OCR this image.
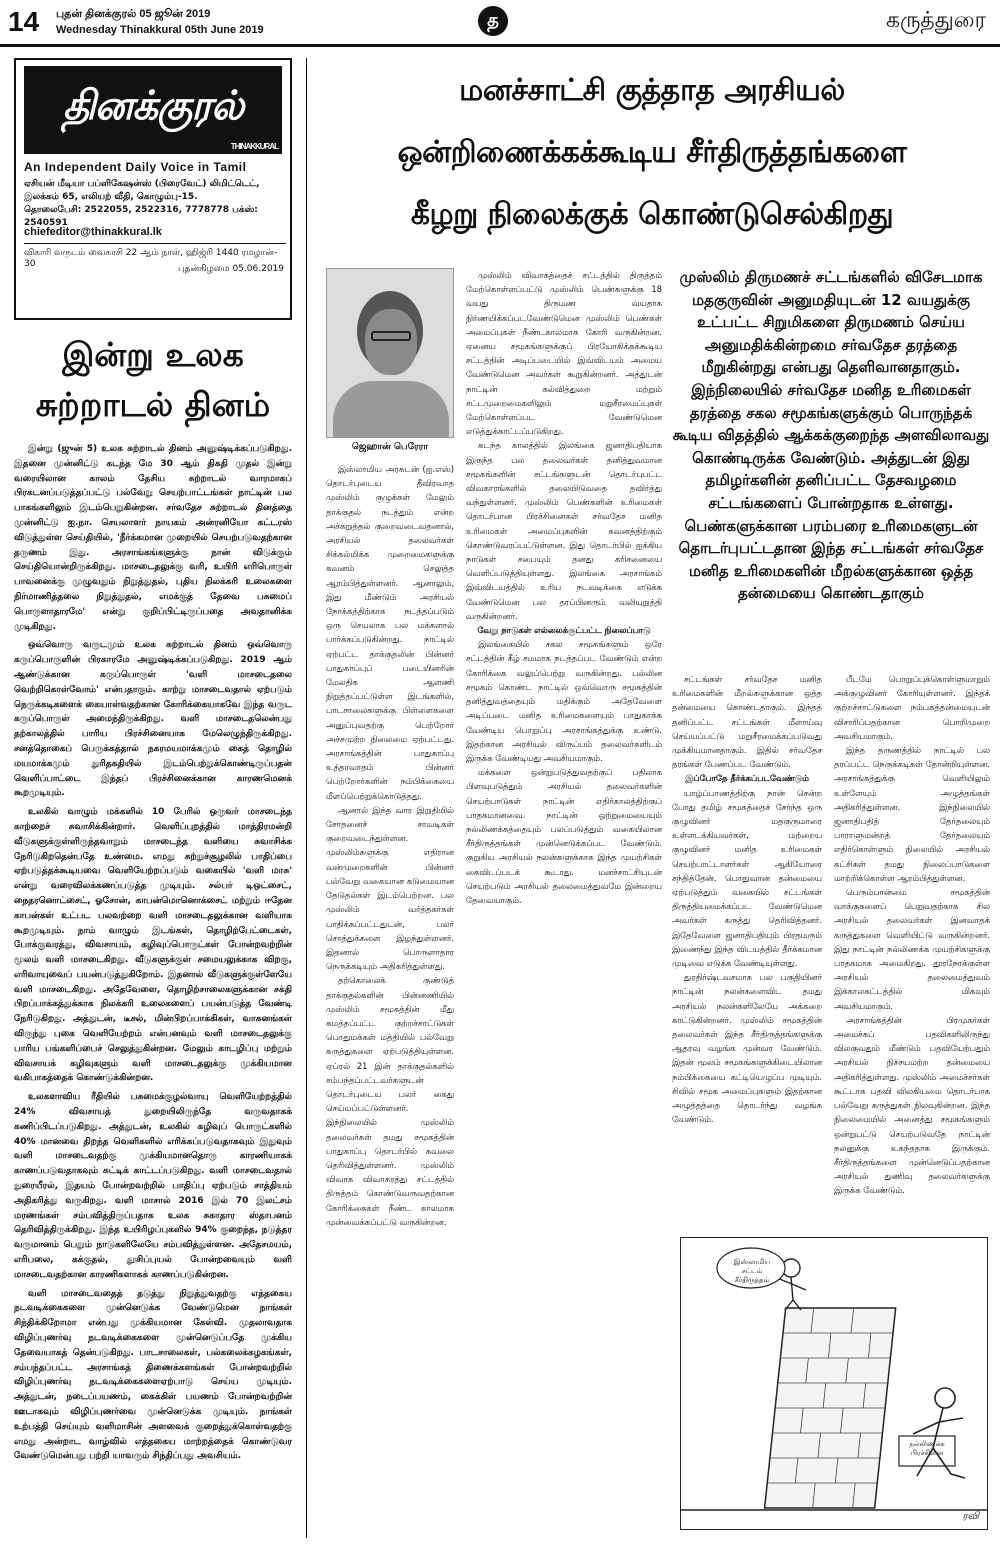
14 புதன் தினக்குரல் 05 ஜூன் 2019
Wednesday Thinakkural 05th June 2019	த	கருத்துரை
தினக்குரல்
THINAKKURAL
An Independent Daily Voice in Tamil
ஏசியன் மீடியா பப்ளிகேஷன்ஸ் (பிரைவேட்) லிமிட்டெட்,
இலக்கம் 65, எலியற் வீதி, கொழும்பு-15.
தொலைபேசி: 2522055, 2522316, 7778778 பக்ஸ்: 2540591
chiefeditor@thinakkural.lk
விகாரி வருடம் வைகாசி 22 ஆம் நாள், ஹிஜ்ரி 1440 ரமழான்- 30	புதன்கிழமை 05.06.2019
இன்று உலக சுற்றாடல் தினம்

இன்று (ஜுன் 5) உலக சுற்றாடல் தினம் அனுஷ்டிக்கப்படுகிறது. இதனை முன்னிட்டு கடந்த மே 30 ஆம் திகதி முதல் இன்று வரையிலான காலம் தேசிய சுற்றாடல் வாரமாகப் பிரகடனப்படுத்தப்பட்டு பல்வேறு செயற்பாட்டங்கள் நாட்டின் பல பாகங்களிலும் இடம்பெறுகின்றன. சர்வதேச சுற்றாடல் தினத்தை முன்னிட்டு ஐ.நா. செயலாளர் நாயகம் அன்ரனியோ கட்டரஸ் விடுத்துள்ள செய்தியில், 'நீர்க்கமான முறையில் செயற்படுவதற்கான தருணம் இது. அரசாங்கங்களுக்கு நான் விடுக்கும் செய்தியொன்றிருக்கிறது. மாசடைதலுக்கு வரி, உயிரி எரிபொருள் பாவனைக்கு முழுவதும் நிறுத்துதல், புதிய நிலக்கரி உலைகளை நிர்மாணித்தலை நிறுத்துதல், எமக்குத் தேவை பசுமைப் பொருளாதாரமே' என்று குறிப்பிட்டிருப்பதை அவதானிக்க முடிகிறது.

ஒவ்வொரு வருடமும் உலக சுற்றாடல் தினம் ஒவ்வொரு கருப்பொருளின் பிரகாரமே அனுஷ்டிக்கப்படுகிறது. 2019 ஆம் ஆண்டுக்கான கருப்பொருள் 'வளி மாசடைதலை வெற்றிகொள்வோம்' என்பதாகும். காற்று மாசடைவதால் ஏற்படும் நெருக்கடிகளைக் கையாள்வதற்கான கோரிக்கையாகவே இந்த வருட கருப்பொருள் அமைந்திருக்கிறது. வளி மாசடைதலென்பது தற்காலத்தில் பாரிய பிரச்சினையாக மேலெழுந்திருக்கிறது. சனத்தொகைப் பெருக்கத்தால் நகரமயமாக்கமும் கைத் தொழில் மயமாக்கமும் துரிதகதியில் இடம்பெற்றுக்கொண்டிருப்பதன் வெளிப்பாட்டை இந்தப் பிரச்சினைக்கான காரணமெனக் கூறமுடியும்.

உலகில் வாழும் மக்களில் 10 பேரில் ஒருவர் மாசடைந்த காற்றைச் சுவாசிக்கின்றார். வெளிப்புறத்தில் மாத்திரமன்றி வீடுகளுக்குள்ளிருந்தவாறும் மாசடைந்த வளியை சுவாசிக்க நேரிடுகிறதென்பதே உண்மை. எமது சுற்றுச்சூழலில் பாதிப்பை ஏற்படுத்தக்கூடியவை வெளியேற்றப்படும் வகையில் 'வளி மாசு' என்று வரைவிலக்கணப்படுத்த முடியும். சல்பர் டிஒட்சைட், நைதரனொட்சைட், ஓசோன், காபன்மொனொக்சைட் மற்றும் ஈதேன காபன்கள் உட்பட பலவற்றை வளி மாசடைதலுக்கான வளியாக கூறமுடியும். நாம் வாழும் இடங்கள், தொழிற்பேட்டைகள், போக்குவரத்து, விவசாயம், கழிவுப்பொருட்கள் போன்றவற்றின் மூலம் வளி மாசடைகிறது. வீடுகளுக்குள் சமையலுக்காக விறகு, எரிவாயுவைப் பயன்படுத்துகிறோம். இதனால் வீடுகளுக்குள்ளேயே வளி மாசடைகிறது. அதேவேளை, தொழிற்சாலைகளுக்கான சக்தி பிறப்பாக்கத்துக்காக நிலக்கரி உலைகளைப் பயன்படுத்த வேண்டி நேரிடுகிறது. அத்துடன், டீசல், மின்பிறப்பாக்கிகள், வாகனங்கள் விருந்து புகை வெளியேற்றம் என்பனவும் வளி மாசடைதலுக்கு பாரிய பங்களிப்பைச் செலுத்துகின்றன. மேலும் காடழிப்பு மற்றும் விவசாயக் கழிவுகளும் வளி மாசடைதலுக்கு முக்கியமான வகிபாகத்தைக் கொண்டுக்கின்றன.

உலகளாவிய ரீதியில் பசுமைக்குழல்வாயு வெளியேற்றத்தில் 24% விவசாயத் துறையிலிருந்தே வருவதாகக் கணிப்பிடப்படுகிறது. அத்துடன், உலகில் கழிவுப் பொருட்களில் 40% மானவை திறந்த வெளிகளில் எரிக்கப்படுவதாகவும் இதுவும் வளி மாசடைவதற்கு முக்கியமானதொரு காரணியாகக் காணப்படுவதாகவும் சுட்டிக் காட்டப்படுகிறது. வளி மாசடைவதால் நுரையீரல், இதயம் போன்றவற்றில் பாதிப்பு ஏற்படும் சாத்தியம் அதிகரித்து வருகிறது. வளி மாசால் 2016 இல் 70 இலட்சம் மரணங்கள் சம்பவித்திருப்பதாக உலக சுகாதார ஸ்தாபனம் தெரிவித்திருக்கிறது. இந்த உயிரிழப்புகளில் 94% குறைந்த, நடுத்தர வருமானம் பெறும் நாடுகளிலேயே சம்பவித்துள்ளன. அதேசமயம், எரிபலை, கக்குதல், தூசிப்புயல் போன்றவையும் வளி மாசடைவதற்கான காரணிகளாகக் காணப்படுகின்றன.

வளி மாசடைவதைத் தடுத்து நிறுத்துவதற்கு எத்தகைய நடவடிக்கைகளை முன்னெடுக்க வேண்டுமென நாங்கள் சிந்திக்கிறோமா என்பது முக்கியமான கேள்வி. முதலாவதாக விழிப்புணர்வு நடவடிக்கைகளை முன்னெடுப்பதே முக்கிய தேவையாகத் தென்படுகிறது. பாடசாலைகள், பல்கலைக்கழகங்கள், சம்பந்தப்பட்ட அரசாங்கத் திணைக்களங்கள் போன்றவற்றில் விழிப்புணர்வு நடவடிக்கைகளைஏற்பாடு செய்ய முடியும். அத்துடன், நடைப்பயணம், கைக்கிள் பயணம் போன்றவற்றின் ஊடாகவும் விழிப்புணர்வை முன்னெடுக்க முடியும். நாங்கள் உற்பத்தி செய்யும் வளிமாசின் அளவைக் குறைத்துக்கொள்வதற்கு எமது அன்றாட வாழ்வில் எத்தகைய மாற்றத்தைக் கொண்டுவர வேண்டுமென்பது பற்றி யாவரும் சிந்திப்பது அவசியம்.

மனச்சாட்சி குத்தாத அரசியல்
ஒன்றிணைக்கக்கூடிய சீர்திருத்தங்களை
கீழறு நிலைக்குக் கொண்டுசெல்கிறது
ஜெஹான் பெரேரா

இஸ்லாமிய அரசுடன் (ஐ.எஸ்) தொடர்புடைய தீவிரவாத முஸ்லிம் குழுக்கள் மேலும் தாக்குதல் நடத்தும் என்ற அச்சுறுத்தல் குறைவடைவதனால், அரசியல் தலைவர்கள் சிக்கல்மிக்க முறைமைகளுக்கு கவனம் செலுத்த ஆரம்பித்துள்ளனர். ஆனாலும், இது மீண்டும் அரசியல் நோக்கத்திற்காக நடத்தப்படும் ஒரு செயலாக பல மக்களால் பார்க்கப்படுகின்றது. நாட்டில் ஏற்பட்ட தாக்குதலின் பின்னர் பாதுகாப்புப் படையினரின் மேலதிக ஆளணி நிறுத்தப்பட்டுள்ள இடங்களில், பாடசாலைகளுக்கு பிள்ளைகளை அனுப்புவதற்கு பெற்றோர் அச்சமுற்ற நிலைமை ஏற்பட்டது. அரசாங்கத்தின் பாதுகாப்பு உத்தரவாதம் பின்னர் பெற்றோர்களின் நம்பிக்கையை மீளப்பெற்றுக்கொடுத்தது.

ஆனால் இந்த வார இறுதியில் சோதனைச் சாவடிகள் குறைவடைந்துள்ளன. முஸ்லிம்களுக்கு எதிரான வன்முறைகளின் பின்னர் பல்வேறு வகையான கடுமையான தேடுதல்கள் இடம்பெற்றன. பல முஸ்லிம் வர்த்தகர்கள் பாதிக்கப்பட்டதுடன், பலர் சொத்துக்களை இழந்துள்ளனர். இதனால் பொருளாதார நெருக்கடியும் அதிகரித்துள்ளது.

தற்கொலைக் குண்டுத் தாக்குதல்களின் பின்னணியில் முஸ்லிம் சமூகத்தின் மீது சுமத்தப்பட்ட குற்றச்சாட்டுகள் பொதுமக்கள் மத்தியில் பல்வேறு கருத்துகளை ஏற்படுத்தியுள்ளன. ஏப்ரல் 21 இன் தாக்குதல்களில் சம்பந்தப்பட்டவர்களுடன் தொடர்புடைய பலர் கைது செய்யப்பட்டுள்ளனர். இந்நிலையில் முஸ்லிம் தலைவர்கள் தமது சமூகத்தின் பாதுகாப்பு தொடர்பில் கவலை தெரிவித்துள்ளனர். முஸ்லிம் விவாக விவாகரத்து சட்டத்தில் திருத்தம் கொண்டுவருவதற்கான கோரிக்கைகள் நீண்ட காலமாக முன்வைக்கப்பட்டு வருகின்றன.

முஸ்லிம் விவாகத்தைச் சட்டத்தில் திருத்தம் மேற்கொள்ளப்பட்டு முஸ்லிம் பெண்களுக்கு 18 வயது திருமண வயதாக நிர்ணயிக்கப்படவேண்டுமென முஸ்லிம் பெண்கள் அமைப்புகள் நீண்டகாலமாக கோரி வருகின்றன. ஏனைய சமூகங்களுக்குப் பிரயோகிக்கக்கூடிய சட்டத்தின் அடிப்படையில் இவ்விடயம் அமைய வேண்டுமென அவர்கள் கூறுகின்றனர். அத்துடன் நாட்டின் கல்வித்துறை மற்றும் சட்டமுறைமைகளிலும் மறுசீரமைப்புகள் மேற்கொள்ளப்பட வேண்டுமென எடுத்துக்காட்டப்படுகிறது.

கடந்த காலத்தில் இலங்கை ஜனாதிபதியாக இருந்த பல தலைவர்கள் தனித்துவமான சமூகங்களின் சட்டங்களுடன் தொடர்புபட்ட விவகாரங்களில் தலையிடுவதை தவிர்த்து வந்துள்ளனர். முஸ்லிம் பெண்களின் உரிமைகள் தொடர்பான பிரச்சினைகள் சர்வதேச மனித உரிமைகள் அமைப்புகளின் கவனத்திற்கும் கொண்டுவரப்பட்டுள்ளன. இது தொடர்பில் ஐக்கிய நாடுகள் சபையும் தனது கரிசனையை வெளிப்படுத்தியுள்ளது. இலங்கை அரசாங்கம் இவ்விடயத்தில் உரிய நடவடிக்கை எடுக்க வேண்டுமென பல தரப்பினரும் வலியுறுத்தி வருகின்றனர்.

வேறு நாடுகள் எல்லைக்குட்பட்ட நிலைப்பாடு

இலங்கையில் சகல சமூகங்களும் ஒரே சட்டத்தின் கீழ் சமமாக நடத்தப்பட வேண்டும் என்ற கோரிக்கை வலுப்பெற்று வருகின்றது. பல்லின சமூகம் கொண்ட நாட்டில் ஒவ்வொரு சமூகத்தின் தனித்துவத்தையும் மதிக்கும் அதேவேளை அடிப்படை மனித உரிமைகளையும் பாதுகாக்க வேண்டிய பொறுப்பு அரசாங்கத்துக்கு உண்டு. இதற்கான அரசியல் விருப்பம் தலைவர்களிடம் இருக்க வேண்டியது அவசியமாகும்.

மக்களை ஒன்றுபடுத்துவதற்குப் பதிலாக பிளவுபடுத்தும் அரசியல் தலைவர்களின் செயற்பாடுகள் நாட்டின் எதிர்காலத்திற்குப் பாதகமானவை. நாட்டின் ஒற்றுமையையும் நல்லிணக்கத்தையும் பலப்படுத்தும் வகையிலான சீர்திருத்தங்கள் முன்னெடுக்கப்பட வேண்டும். குறுகிய அரசியல் நலன்களுக்காக இந்த முயற்சிகள் கைவிடப்படக் கூடாது. மனச்சாட்சியுடன் செயற்படும் அரசியல் தலைமைத்துவமே இன்றைய தேவையாகும்.

முஸ்லிம் திருமணச் சட்டங்களில் விசேடமாக மதகுருவின் அனுமதியுடன் 12 வயதுக்கு உட்பட்ட சிறுமிகளை திருமணம் செய்ய அனுமதிக்கின்றமை சர்வதேச தரத்தை மீறுகின்றது என்பது தெளிவானதாகும். இந்நிலையில் சர்வதேச மனித உரிமைகள் தரத்தை சகல சமூகங்களுக்கும் பொருந்தக் கூடிய விதத்தில் ஆக்கக்குறைந்த அளவிலாவது கொண்டிருக்க வேண்டும். அத்துடன் இது தமிழர்களின் தனிப்பட்ட தேசவழமை சட்டங்களைப் போன்றதாக உள்ளது. பெண்களுக்கான பரம்பரை உரிமைகளுடன் தொடர்புபட்டதான இந்த சட்டங்கள் சர்வதேச மனித உரிமைகளின் மீறல்களுக்கான ஒத்த தன்மையை கொண்டதாகும்

சட்டங்கள் சர்வதேச மனித உரிமைகளின் மீறல்களுக்கான ஒத்த தன்மையை கொண்டதாகும். இந்தத் தனிப்பட்ட சட்டங்கள் மீளாய்வு செய்யப்பட்டு மறுசீரமைக்கப்படுவது முக்கியமானதாகும். இதில் சர்வதேச தரங்கள் பேணப்பட வேண்டும்.

இப்போதே தீர்க்கப்படவேண்டும்

யாழ்ப்பாணத்திற்கு நான் சென்ற போது தமிழ் சமூகத்தைச் சேர்ந்த ஒரு குழுவினர் மதகுருமாரை உள்ளடக்கியவர்கள், மற்றைய குழுவினர் மனித உரிமைகள் செயற்பாட்டாளர்கள் ஆகியோரை சந்தித்தேன். பொதுவான தன்மையை ஏற்படுத்தும் வகையில் சட்டங்கள் திருத்தியமைக்கப்பட வேண்டுமென அவர்கள் கருத்து தெரிவித்தனர். இதேவேளை ஜனாதிபதியும் பிரதமரும் இணைந்து இந்த விடயத்தில் தீர்க்கமான முடிவை எடுக்க வேண்டியுள்ளது.

துரதிர்ஷ்டவசமாக பல பகுதியினர் நாட்டின் நலன்களைவிட தமது அரசியல் நலன்களிலேயே அக்கறை காட்டுகின்றனர். முஸ்லிம் சமூகத்தின் தலைவர்கள் இந்த சீர்திருத்தங்களுக்கு ஆதரவு வழங்க முன்வர வேண்டும். இதன் மூலம் சமூகங்களுக்கிடையிலான நம்பிக்கையை கட்டியெழுப்ப முடியும். சிவில் சமூக அமைப்புகளும் இதற்கான அழுத்தத்தை தொடர்ந்து வழங்க வேண்டும்.

பீடமே பொறுப்புக்கொள்ளுமாறும் அக்குழுவினர் கோரியுள்ளனர். இந்தக் குற்றச்சாட்டுகளை நம்பகத்தன்மையுடன் விசாரிப்பதற்கான பொறிமுறை அவசியமாகும்.

இந்த தருணத்தில் நாட்டில் பல தரப்பட்ட நெருக்கடிகள் தோன்றியுள்ளன. அரசாங்கத்துக்கு வெளியிலும் உள்ளேயும் அழுத்தங்கள் அதிகரித்துள்ளன. இந்நிலையில் ஜனாதிபதித் தேர்தலையும் பாராளுமன்றத் தேர்தலையும் எதிர்கொள்ளும் நிலையில் அரசியல் கட்சிகள் தமது நிலைப்பாடுகளை மாற்றிக்கொள்ள ஆரம்பித்துள்ளன.

பெரும்பான்மை சமூகத்தின் வாக்குகளைப் பெறுவதற்காக சில அரசியல் தலைவர்கள் இனவாதக் கருத்துகளை வெளியிட்டு வருகின்றனர். இது நாட்டின் நல்லிணக்க முயற்சிகளுக்கு பாதகமாக அமைகிறது. தூரநோக்குள்ள அரசியல் தலைமைத்துவம் இக்காலகட்டத்தில் மிகவும் அவசியமாகும்.

அரசாங்கத்தின் பிரமுகர்கள் அமைச்சுப் பதவிகளிலிருந்து விலகுவதும் மீண்டும் பதவியேற்பதும் அரசியல் நிச்சயமற்ற தன்மையை அதிகரித்துள்ளது. முஸ்லிம் அமைச்சர்கள் கூட்டாக பதவி விலகியமை தொடர்பாக பல்வேறு கருத்துகள் நிலவுகின்றன. இந்த நிலைமையில் அனைத்து சமூகங்களும் ஒன்றுபட்டு செயற்படுவதே நாட்டின் நலனுக்கு உகந்ததாக இருக்கும். சீர்திருத்தங்களை முன்னெடுப்பதற்கான அரசியல் துணிவு தலைவர்களுக்கு இருக்க வேண்டும்.

இஸ்லாமிய சட்டம் சீர்திருத்தம்
நல்லிணக்க பிரச்சினை
ரவி
